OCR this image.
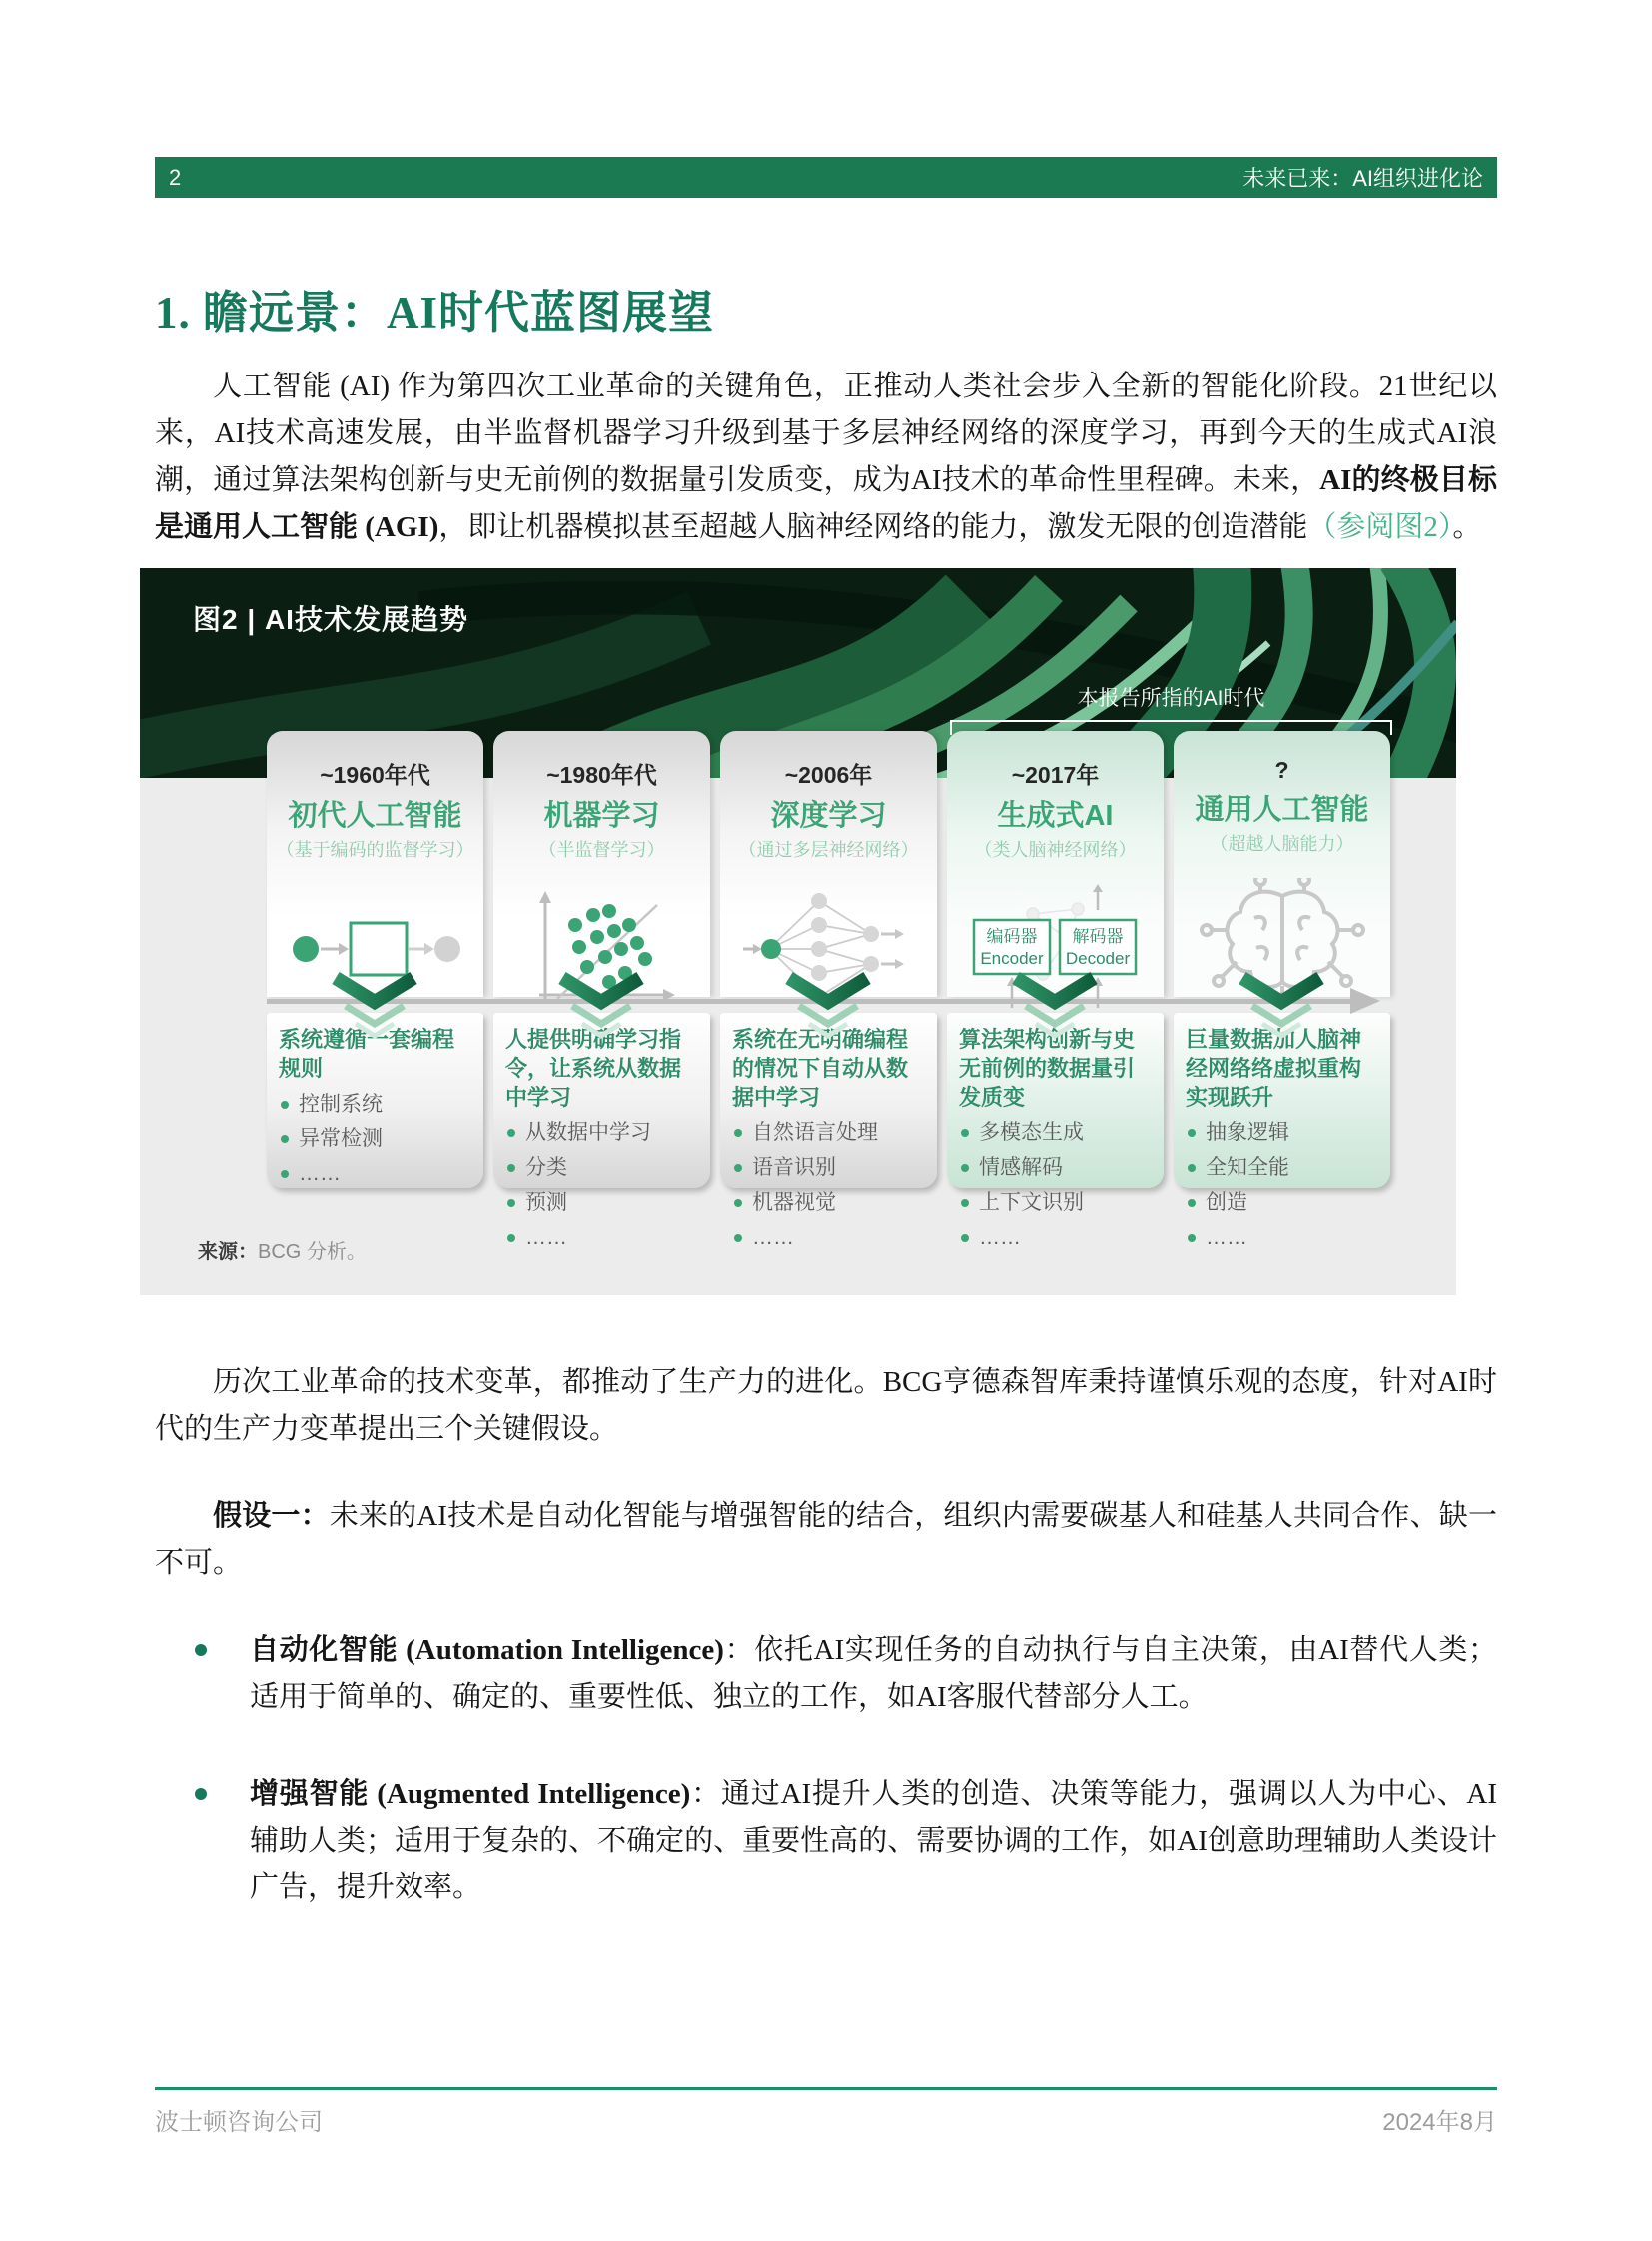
2	未来已来：AI组织进化论
1. 瞻远景：AI时代蓝图展望

人工智能 (AI) 作为第四次工业革命的关键角色，正推动人类社会步入全新的智能化阶段。21世纪以来，AI技术高速发展，由半监督机器学习升级到基于多层神经网络的深度学习，再到今天的生成式AI浪潮，通过算法架构创新与史无前例的数据量引发质变，成为AI技术的革命性里程碑。未来，AI的终极目标是通用人工智能 (AGI)，即让机器模拟甚至超越人脑神经网络的能力，激发无限的创造潜能（参阅图2）。

图2 | AI技术发展趋势
本报告所指的AI时代
~1960年代
初代人工智能
（基于编码的监督学习）
~1980年代
机器学习
（半监督学习）
~2006年
深度学习
（通过多层神经网络）
~2017年
生成式AI
（类人脑神经网络）
编码器
Encoder
解码器
Decoder
?
通用人工智能
（超越人脑能力）
系统遵循一套编程规则
控制系统
异常检测
……
人提供明确学习指令，让系统从数据中学习
从数据中学习
分类
预测
……
系统在无明确编程的情况下自动从数据中学习
自然语言处理
语音识别
机器视觉
……
算法架构创新与史无前例的数据量引发质变
多模态生成
情感解码
上下文识别
……
巨量数据加人脑神经网络络虚拟重构实现跃升
抽象逻辑
全知全能
创造
……
来源：BCG 分析。

历次工业革命的技术变革，都推动了生产力的进化。BCG亨德森智库秉持谨慎乐观的态度，针对AI时代的生产力变革提出三个关键假设。

假设一：未来的AI技术是自动化智能与增强智能的结合，组织内需要碳基人和硅基人共同合作、缺一不可。

自动化智能 (Automation Intelligence)：依托AI实现任务的自动执行与自主决策，由AI替代人类；适用于简单的、确定的、重要性低、独立的工作，如AI客服代替部分人工。
增强智能 (Augmented Intelligence)：通过AI提升人类的创造、决策等能力，强调以人为中心、AI辅助人类；适用于复杂的、不确定的、重要性高的、需要协调的工作，如AI创意助理辅助人类设计广告，提升效率。
波士顿咨询公司	2024年8月
